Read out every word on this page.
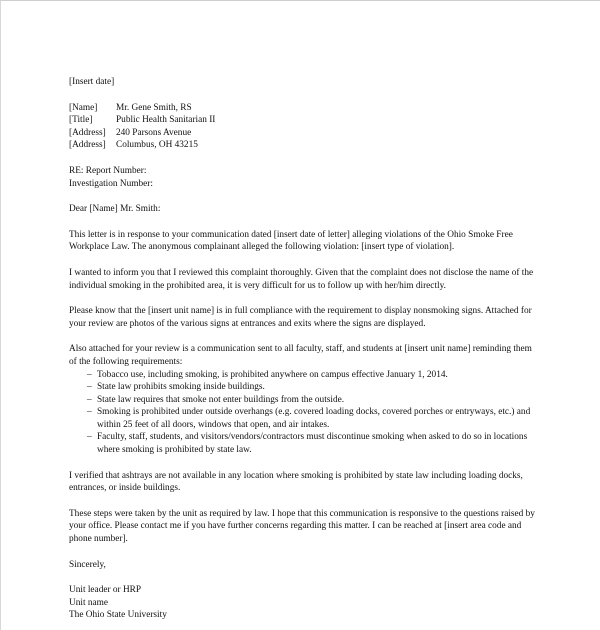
[Insert date]

[Name]	Mr. Gene Smith, RS
[Title]	Public Health Sanitarian II
[Address]	240 Parsons Avenue
[Address]	Columbus, OH 43215

RE: Report Number:

Investigation Number:

Dear [Name] Mr. Smith:

This letter is in response to your communication dated [insert date of letter] alleging violations of the Ohio Smoke Free Workplace Law. The anonymous complainant alleged the following violation: [insert type of violation].

I wanted to inform you that I reviewed this complaint thoroughly. Given that the complaint does not disclose the name of the individual smoking in the prohibited area, it is very difficult for us to follow up with her/him directly.

Please know that the [insert unit name] is in full compliance with the requirement to display nonsmoking signs. Attached for your review are photos of the various signs at entrances and exits where the signs are displayed.

Also attached for your review is a communication sent to all faculty, staff, and students at [insert unit name] reminding them of the following requirements:

– Tobacco use, including smoking, is prohibited anywhere on campus effective January 1, 2014.
– State law prohibits smoking inside buildings.
– State law requires that smoke not enter buildings from the outside.
– Smoking is prohibited under outside overhangs (e.g. covered loading docks, covered porches or entryways, etc.) and within 25 feet of all doors, windows that open, and air intakes.
– Faculty, staff, students, and visitors/vendors/contractors must discontinue smoking when asked to do so in locations where smoking is prohibited by state law.

I verified that ashtrays are not available in any location where smoking is prohibited by state law including loading docks, entrances, or inside buildings.

These steps were taken by the unit as required by law. I hope that this communication is responsive to the questions raised by your office. Please contact me if you have further concerns regarding this matter. I can be reached at [insert area code and phone number].

Sincerely,

Unit leader or HRP

Unit name

The Ohio State University
